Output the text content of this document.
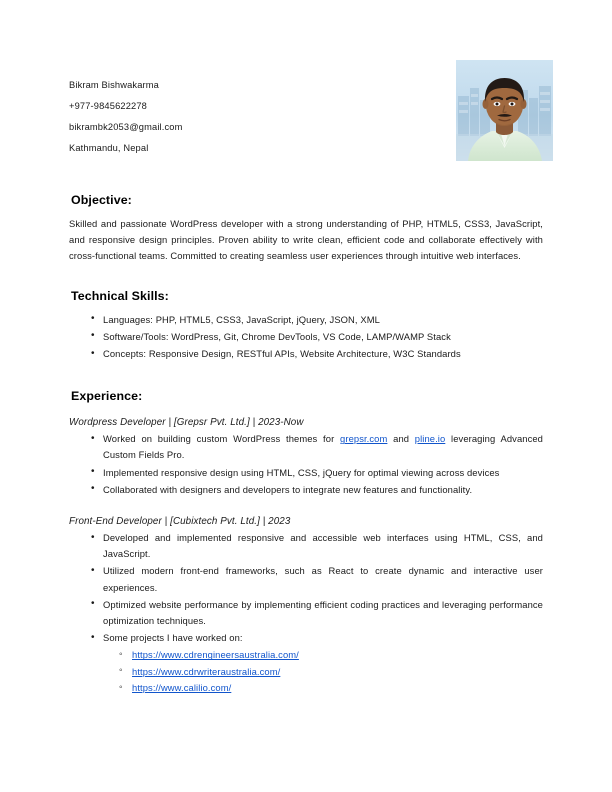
Bikram Bishwakarma
+977-9845622278
bikrambk2053@gmail.com
Kathmandu, Nepal
Objective:

Skilled and passionate WordPress developer with a strong understanding of PHP, HTML5, CSS3, JavaScript, and responsive design principles. Proven ability to write clean, efficient code and collaborate effectively with cross-functional teams. Committed to creating seamless user experiences through intuitive web interfaces.

Technical Skills:
• Languages: PHP, HTML5, CSS3, JavaScript, jQuery, JSON, XML
• Software/Tools: WordPress, Git, Chrome DevTools, VS Code, LAMP/WAMP Stack
• Concepts: Responsive Design, RESTful APIs, Website Architecture, W3C Standards
Experience:
Wordpress Developer | [Grepsr Pvt. Ltd.] | 2023-Now
• Worked on building custom WordPress themes for grepsr.com and pline.io leveraging Advanced Custom Fields Pro.
• Implemented responsive design using HTML, CSS, jQuery for optimal viewing across devices
• Collaborated with designers and developers to integrate new features and functionality.
Front-End Developer | [Cubixtech Pvt. Ltd.] | 2023
• Developed and implemented responsive and accessible web interfaces using HTML, CSS, and JavaScript.
• Utilized modern front-end frameworks, such as React to create dynamic and interactive user experiences.
• Optimized website performance by implementing efficient coding practices and leveraging performance optimization techniques.
• Some projects I have worked on:
◦ https://www.cdrengineersaustralia.com/
◦ https://www.cdrwriteraustralia.com/
◦ https://www.calilio.com/
